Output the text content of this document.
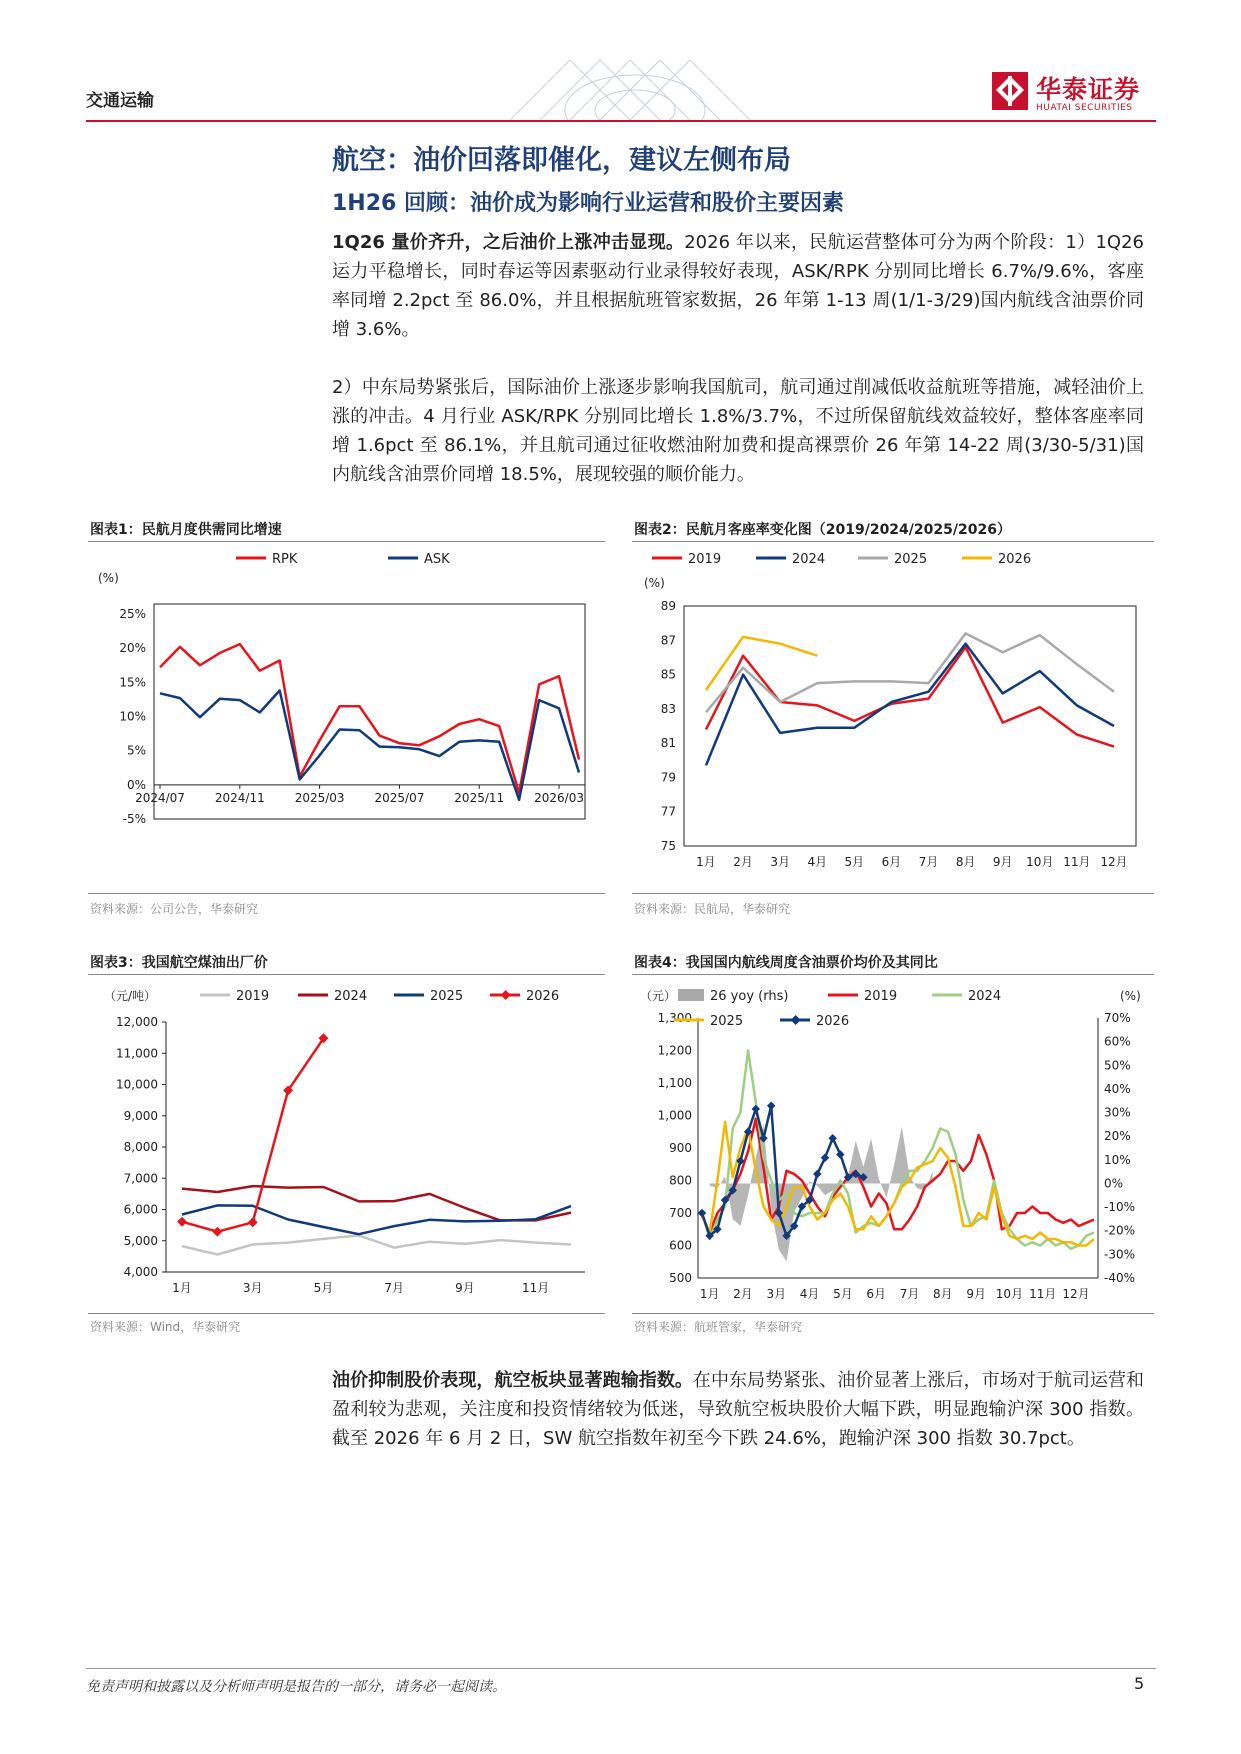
交通运输	华泰证券
HUATAI SECURITIES
航空：油价回落即催化，建议左侧布局
1H26 回顾：油价成为影响行业运营和股价主要因素
1Q26 量价齐升，之后油价上涨冲击显现。2026 年以来，民航运营整体可分为两个阶段：1）1Q26 运力平稳增长，同时春运等因素驱动行业录得较好表现，ASK/RPK 分别同比增长 6.7%/9.6%，客座率同增 2.2pct 至 86.0%，并且根据航班管家数据，26 年第 1-13 周(1/1-3/29)国内航线含油票价同增 3.6%。
2）中东局势紧张后，国际油价上涨逐步影响我国航司，航司通过削减低收益航班等措施，减轻油价上涨的冲击。4 月行业 ASK/RPK 分别同比增长 1.8%/3.7%，不过所保留航线效益较好，整体客座率同增 1.6pct 至 86.1%，并且航司通过征收燃油附加费和提高裸票价 26 年第 14-22 周(3/30-5/31)国内航线含油票价同增 18.5%，展现较强的顺价能力。
图表1：民航月度供需同比增速
(%)
25%
20%
15%
10%
5%
0%
-5%
2024/07 2024/11 2025/03 2025/07 2025/11 2026/03
RPK	ASK
资料来源：公司公告，华泰研究
图表2：民航月客座率变化图（2019/2024/2025/2026）
(%)
89
87
85
83
81
79
77
75
1月 2月 3月 4月 5月 6月 7月 8月 9月 10月 11月 12月
2019	2024	2025	2026
资料来源：民航局，华泰研究
图表3：我国航空煤油出厂价
（元/吨）
12,000
11,000
10,000
9,000
8,000
7,000
6,000
5,000
4,000
1月	3月	5月	7月	9月	11月
2019	2024	2025	2026
资料来源：Wind，华泰研究
图表4：我国国内航线周度含油票价均价及其同比
（元）	(%)
1,300
1,200
1,100
1,000
900
800
700
600
500
70%
60%
50%
40%
30%
20%
10%
0%
-10%
-20%
-30%
-40%
1月 2月 3月 4月 5月 6月 7月 8月 9月 10月 11月 12月
26 yoy (rhs)	2019	2024
2025	2026
资料来源：航班管家，华泰研究
油价抑制股价表现，航空板块显著跑输指数。在中东局势紧张、油价显著上涨后，市场对于航司运营和盈利较为悲观，关注度和投资情绪较为低迷，导致航空板块股价大幅下跌，明显跑输沪深 300 指数。截至 2026 年 6 月 2 日，SW 航空指数年初至今下跌 24.6%，跑输沪深 300 指数 30.7pct。
免责声明和披露以及分析师声明是报告的一部分，请务必一起阅读。	5
